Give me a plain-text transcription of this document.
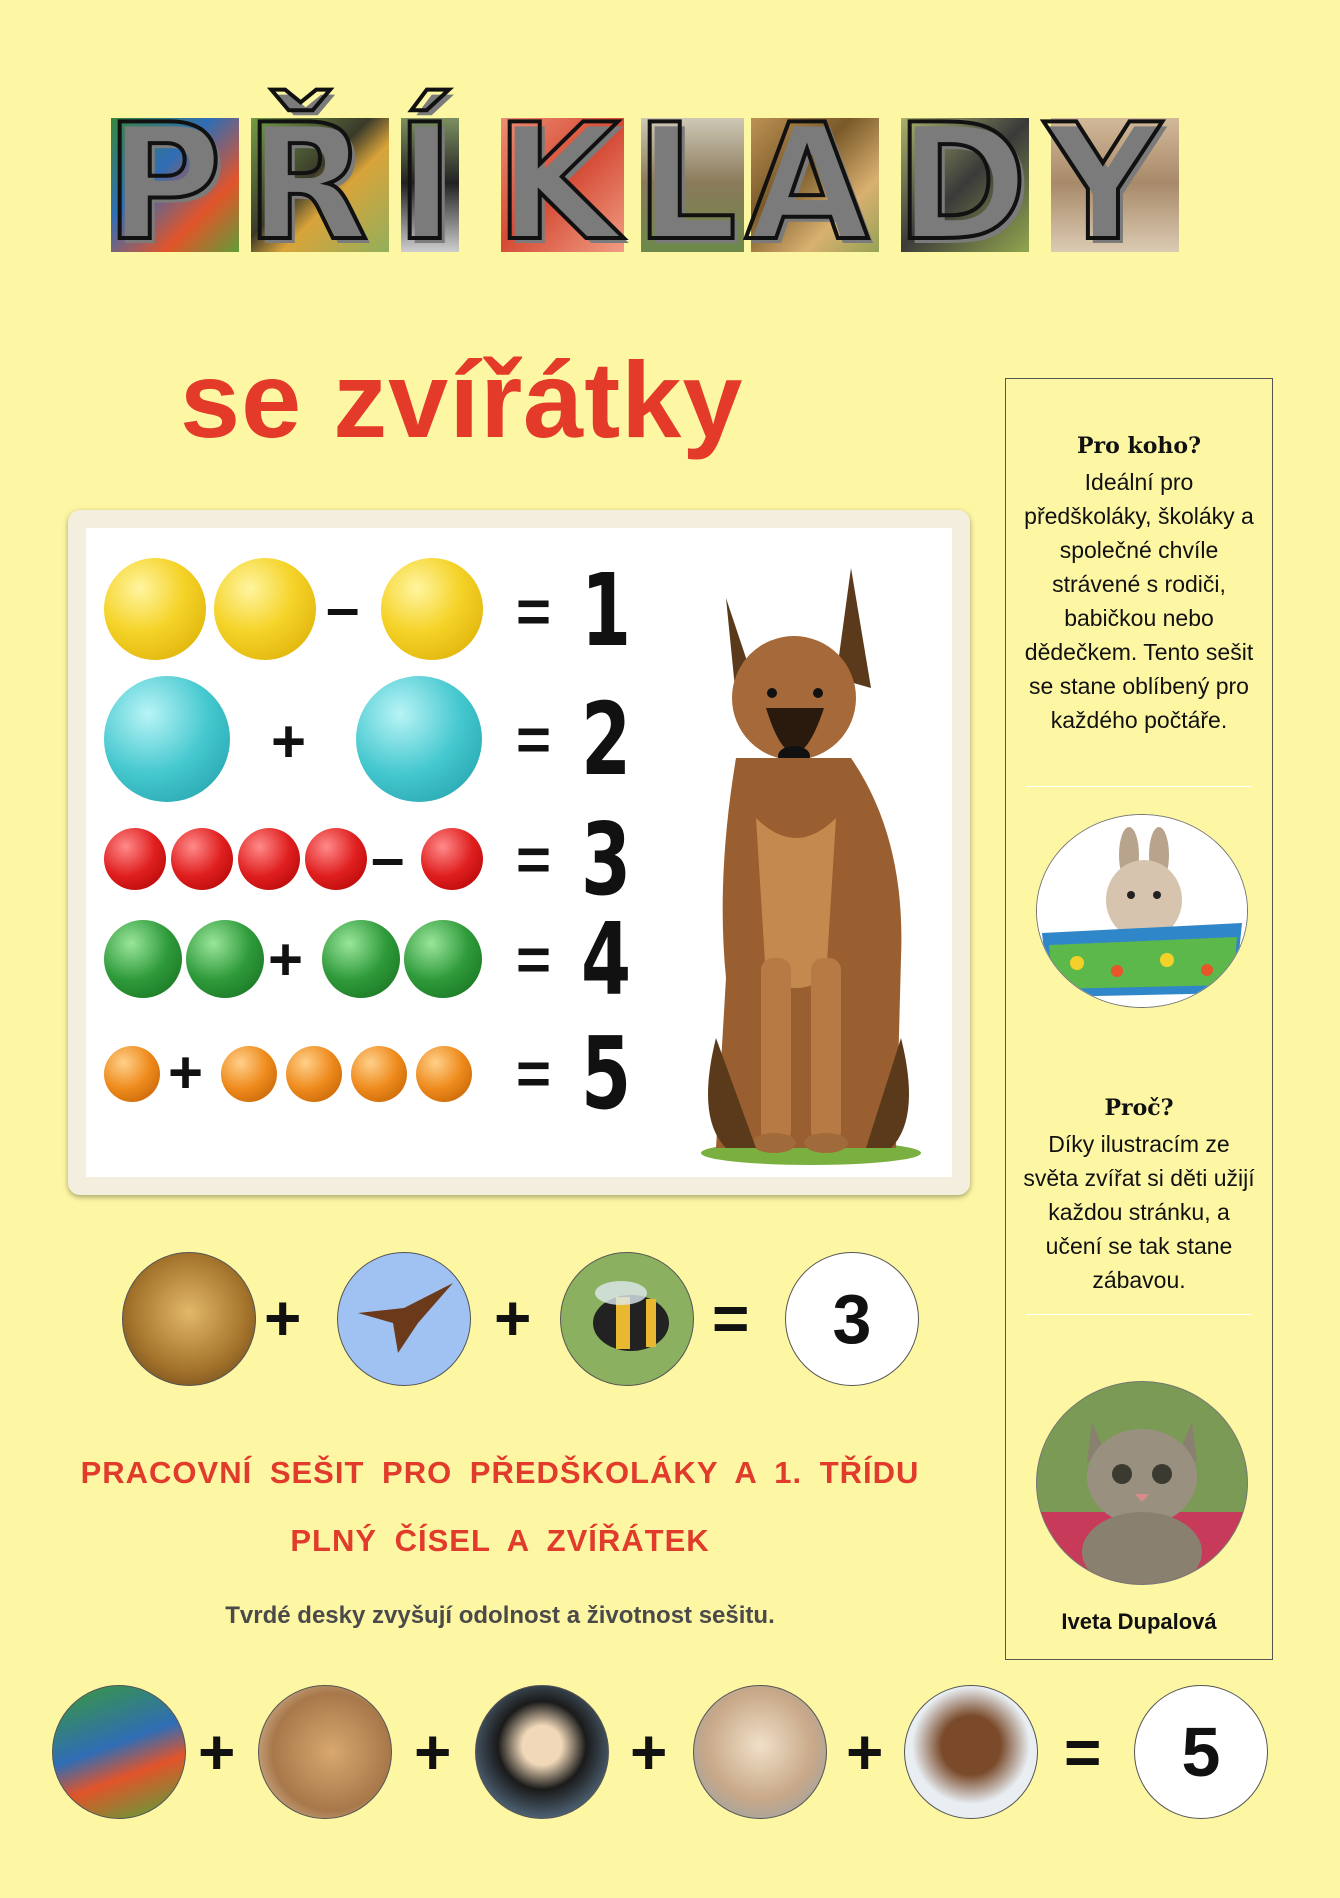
P Ř Í K L A D Y
se zvířátky
–	= 1
+	= 2
– = 3
+	= 4
+	= 5
Pro koho?
Ideální pro předškoláky, školáky a společné chvíle strávené s rodiči, babičkou nebo dědečkem. Tento sešit se stane oblíbený pro každého počtáře.
Proč?
Díky ilustracím ze světa zvířat si děti užijí každou stránku, a učení se tak stane zábavou.
Iveta Dupalová
+	+	=	3
PRACOVNÍ SEŠIT PRO PŘEDŠKOLÁKY A 1. TŘÍDU
PLNÝ ČÍSEL A ZVÍŘÁTEK
Tvrdé desky zvyšují odolnost a životnost sešitu.
+	+	+	+	=	5
